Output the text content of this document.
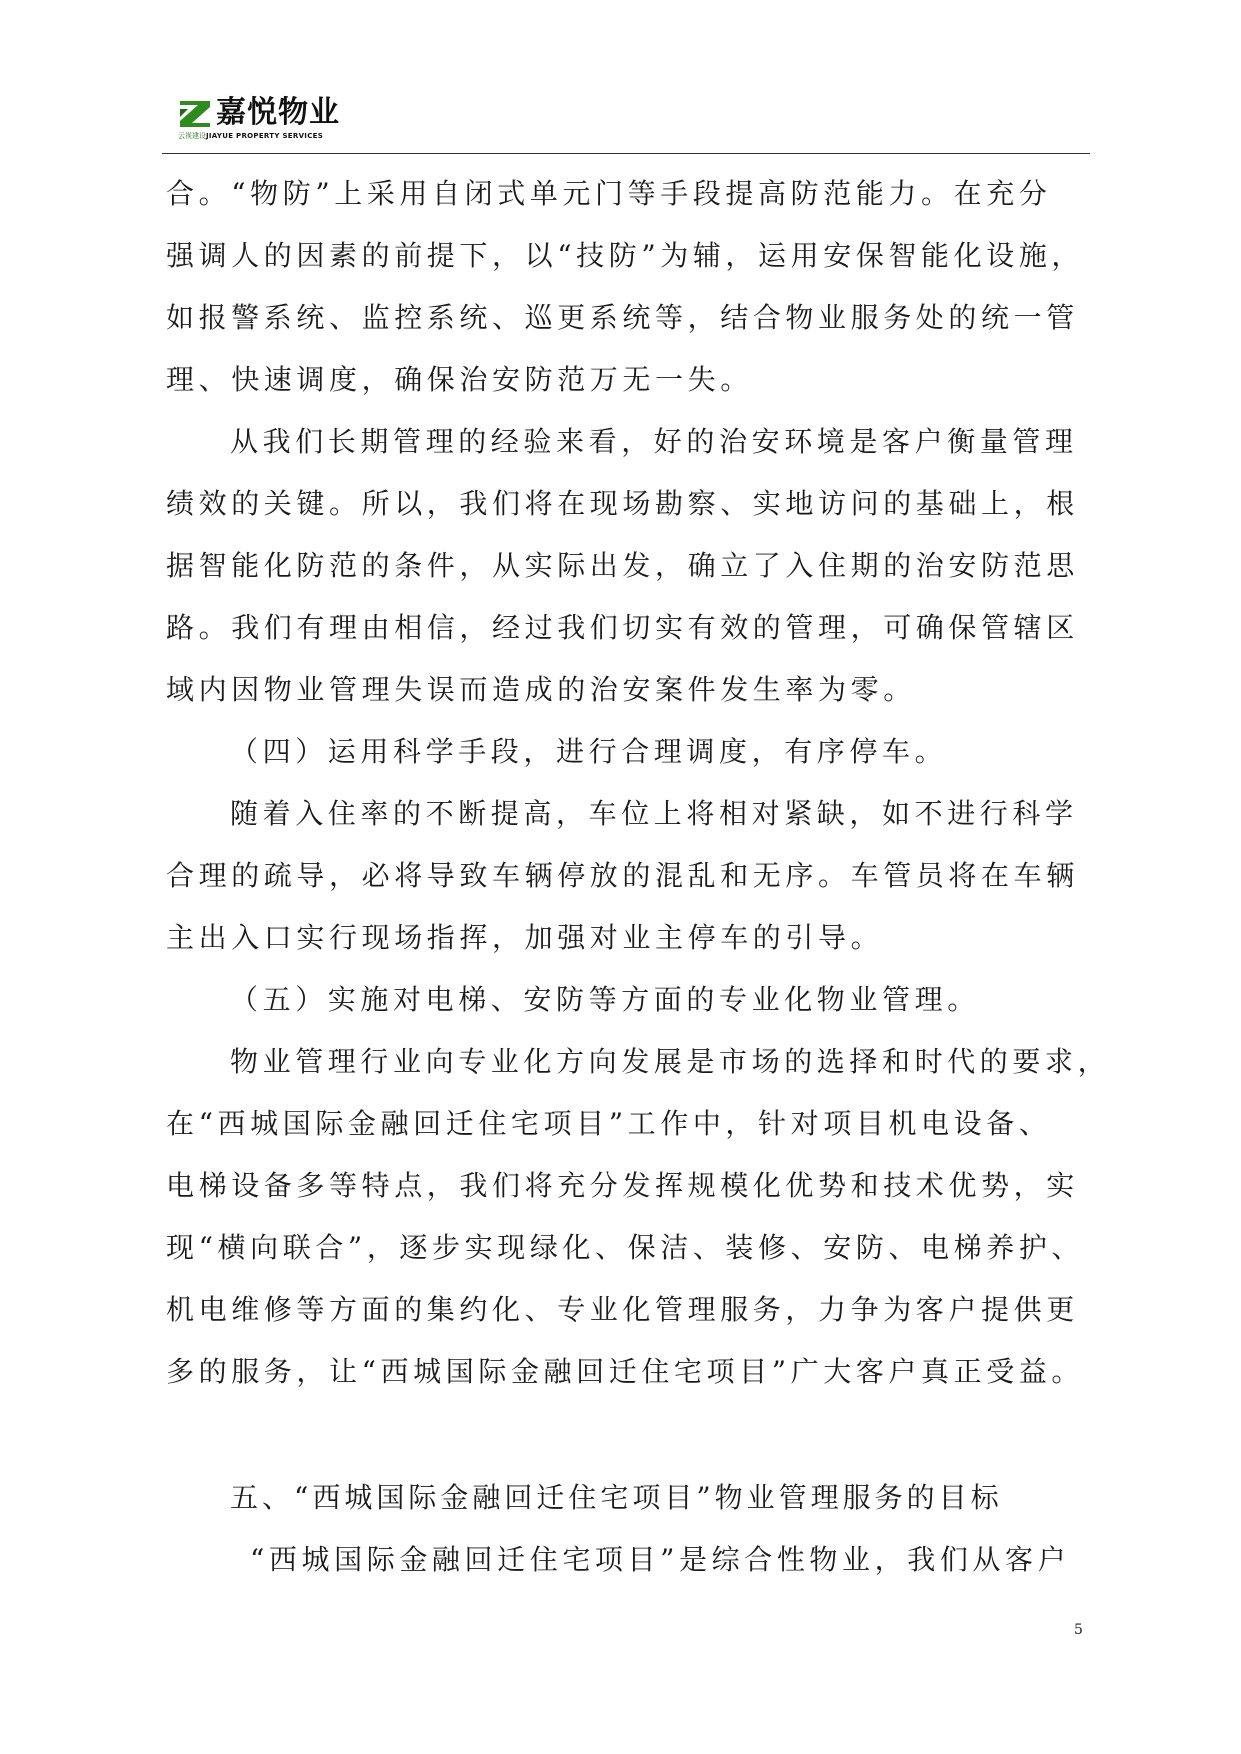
嘉悦物业
云视建设 JIAYUE PROPERTY SERVICES
合。“物防”上采用自闭式单元门等手段提高防范能力。在充分
强调人的因素的前提下，以“技防”为辅，运用安保智能化设施，
如报警系统、监控系统、巡更系统等，结合物业服务处的统一管
理、快速调度，确保治安防范万无一失。
从我们长期管理的经验来看，好的治安环境是客户衡量管理
绩效的关键。所以，我们将在现场勘察、实地访问的基础上，根
据智能化防范的条件，从实际出发，确立了入住期的治安防范思
路。我们有理由相信，经过我们切实有效的管理，可确保管辖区
域内因物业管理失误而造成的治安案件发生率为零。
（四）运用科学手段，进行合理调度，有序停车。
随着入住率的不断提高，车位上将相对紧缺，如不进行科学
合理的疏导，必将导致车辆停放的混乱和无序。车管员将在车辆
主出入口实行现场指挥，加强对业主停车的引导。
（五）实施对电梯、安防等方面的专业化物业管理。
物业管理行业向专业化方向发展是市场的选择和时代的要求，
在“西城国际金融回迁住宅项目”工作中，针对项目机电设备、
电梯设备多等特点，我们将充分发挥规模化优势和技术优势，实
现“横向联合”，逐步实现绿化、保洁、装修、安防、电梯养护、
机电维修等方面的集约化、专业化管理服务，力争为客户提供更
多的服务，让“西城国际金融回迁住宅项目”广大客户真正受益。
五、“西城国际金融回迁住宅项目”物业管理服务的目标
“西城国际金融回迁住宅项目”是综合性物业，我们从客户
5
